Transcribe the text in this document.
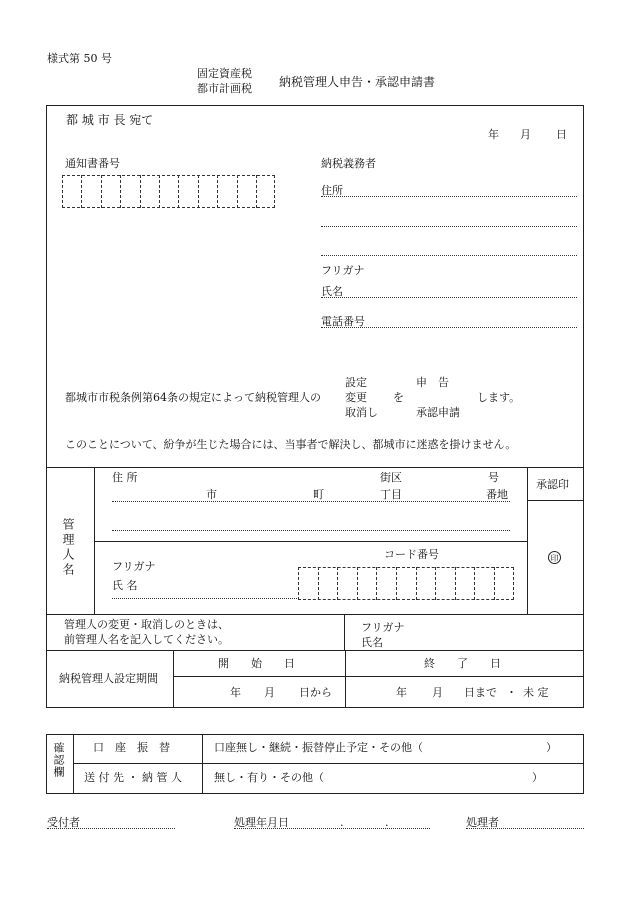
様式第 50 号
固定資産税
都市計画税 納税管理人申告・承認申請書
都 城 市 長 宛て
年 月 日
通知書番号	納税義務者
住所
フリガナ
氏名
電話番号
設定
変更
取消し
都城市市税条例第64条の規定によって納税管理人の	を
申　告
承認申請
します。
このことについて、紛争が生じた場合には、当事者で解決し、都城市に迷惑を掛けません。
管理人名
住 所	街区	号
市	町	丁目	番地
承認印
印
コード番号
フリガナ
氏 名
管理人の変更・取消しのときは、
前管理人名を記入してください。
フリガナ
氏名
納税管理人設定期間
開　　始　　日	終　　了　　日
年 月 日から	年 月 日まで ・ 未 定
確認欄	口　座　振　替	口座無し・継続・振替停止予定・その他（	）
送 付 先 ・ 納 管 人	無し・有り・その他（	）
受付者	処理年月日	.	.	処理者
